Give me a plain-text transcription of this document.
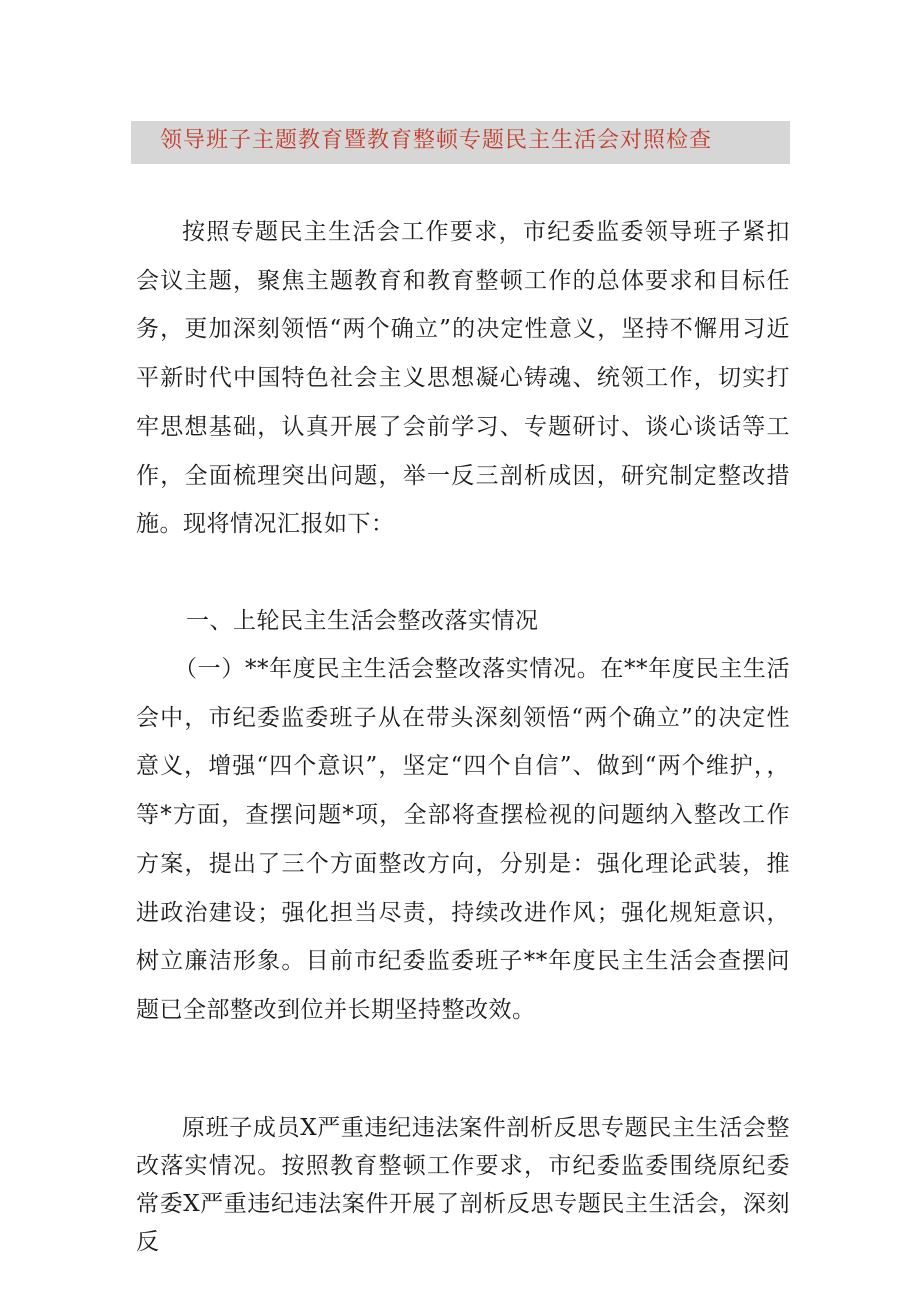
领导班子主题教育暨教育整顿专题民主生活会对照检查

按照专题民主生活会工作要求，市纪委监委领导班子紧扣会议主题，聚焦主题教育和教育整顿工作的总体要求和目标任务，更加深刻领悟“两个确立”的决定性意义，坚持不懈用习近平新时代中国特色社会主义思想凝心铸魂、统领工作，切实打牢思想基础，认真开展了会前学习、专题研讨、谈心谈话等工作，全面梳理突出问题，举一反三剖析成因，研究制定整改措施。现将情况汇报如下：

一、上轮民主生活会整改落实情况

（一）**年度民主生活会整改落实情况。在**年度民主生活会中，市纪委监委班子从在带头深刻领悟“两个确立”的决定性意义，增强“四个意识”，坚定“四个自信”、做到“两个维护，，等*方面，查摆问题*项，全部将查摆检视的问题纳入整改工作方案，提出了三个方面整改方向，分别是：强化理论武装，推进政治建设；强化担当尽责，持续改进作风；强化规矩意识，树立廉洁形象。目前市纪委监委班子**年度民主生活会查摆问题已全部整改到位并长期坚持整改效。

原班子成员X严重违纪违法案件剖析反思专题民主生活会整改落实情况。按照教育整顿工作要求，市纪委监委围绕原纪委常委X严重违纪违法案件开展了剖析反思专题民主生活会，深刻反
